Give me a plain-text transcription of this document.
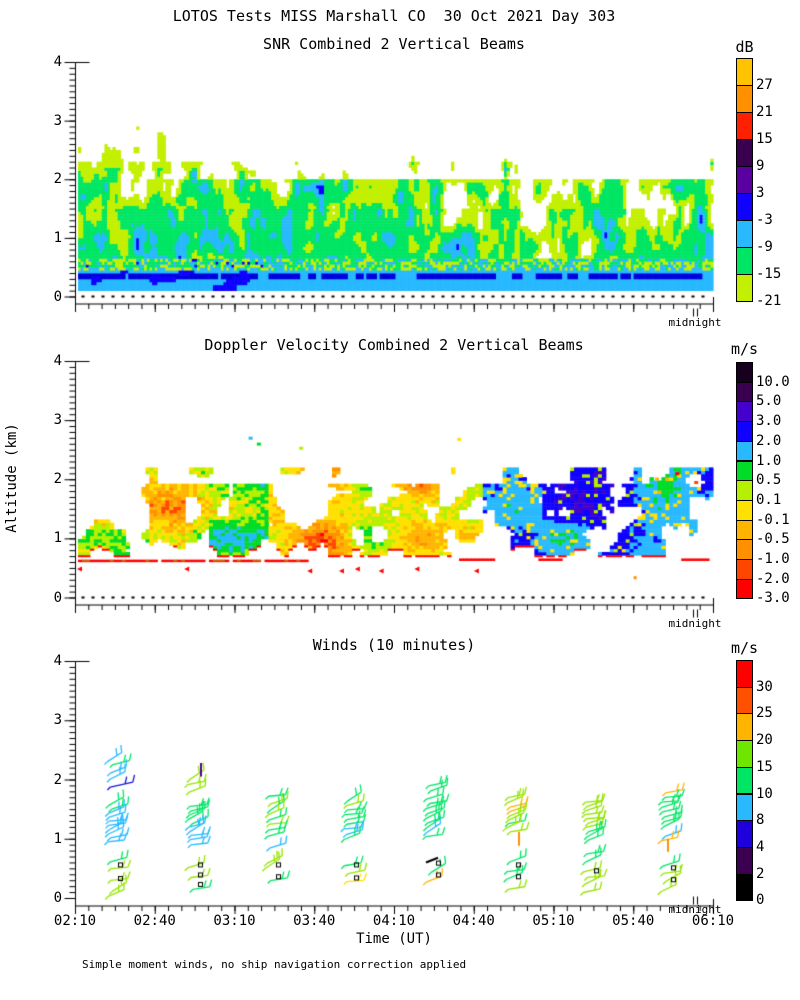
LOTOS Tests MISS Marshall CO  30 Oct 2021 Day 303
SNR Combined 2 Vertical Beams
Doppler Velocity Combined 2 Vertical Beams
Winds (10 minutes)
dB
m/s
m/s
midnight
midnight
midnight
Time (UT)
Altitude (km)
Simple moment winds, no ship navigation correction applied
0
1
2
3
4
27
21
15
9
3
-3
-9
-15
-21
0
1
2
3
4
10.0
5.0
3.0
2.0
1.0
0.5
0.1
-0.1
-0.5
-1.0
-2.0
-3.0
0
1
2
3
4
02:10	02:40	03:10	03:40	04:10	04:40	05:10	05:40	06:10
30
25
20
15
10
8
4
2
0
